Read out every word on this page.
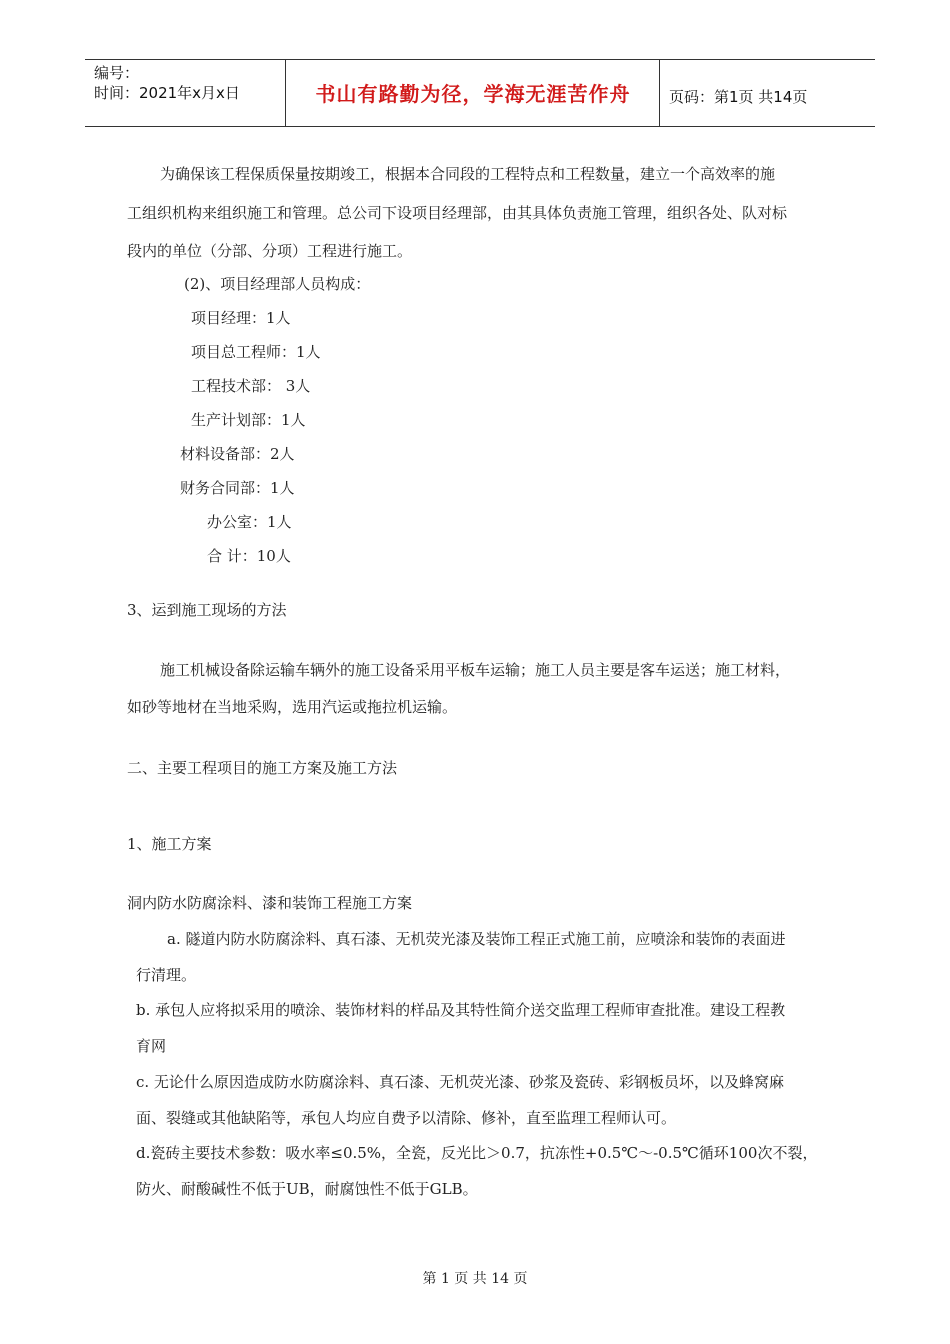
编号：
时间：2021年x月x日	书山有路勤为径，学海无涯苦作舟	页码：第1页 共14页
为确保该工程保质保量按期竣工，根据本合同段的工程特点和工程数量，建立一个高效率的施
工组织机构来组织施工和管理。总公司下设项目经理部，由其具体负责施工管理，组织各处、队对标
段内的单位（分部、分项）工程进行施工。
(2)、项目经理部人员构成：
项目经理：1人
项目总工程师：1人
工程技术部： 3人
生产计划部：1人
材料设备部：2人
财务合同部：1人
办公室：1人
合 计：10人
3、运到施工现场的方法
施工机械设备除运输车辆外的施工设备采用平板车运输；施工人员主要是客车运送；施工材料，
如砂等地材在当地采购，选用汽运或拖拉机运输。
二、主要工程项目的施工方案及施工方法
1、施工方案
洞内防水防腐涂料、漆和装饰工程施工方案
a. 隧道内防水防腐涂料、真石漆、无机荧光漆及装饰工程正式施工前，应喷涂和装饰的表面进
行清理。
b. 承包人应将拟采用的喷涂、装饰材料的样品及其特性简介送交监理工程师审查批准。建设工程教
育网
c. 无论什么原因造成防水防腐涂料、真石漆、无机荧光漆、砂浆及瓷砖、彩钢板员坏，以及蜂窝麻
面、裂缝或其他缺陷等，承包人均应自费予以清除、修补，直至监理工程师认可。
d.瓷砖主要技术参数：吸水率≤0.5%，全瓷，反光比＞0.7，抗冻性+0.5℃～-0.5℃循环100次不裂，
防火、耐酸碱性不低于UB，耐腐蚀性不低于GLB。
第 1 页 共 14 页
